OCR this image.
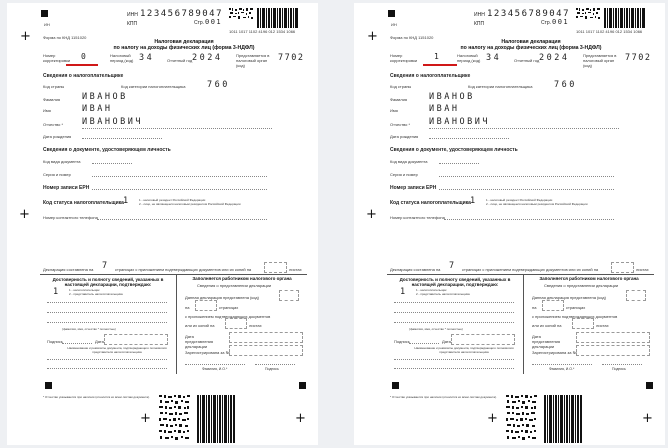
ИН
ИНН 123456789047
КПП	Стр. 001
1011 1017 1102 4196 012 1534 1066
+	Форма по КНД 1151020
Налоговая декларация
по налогу на доходы физических лиц (форма 3-НДФЛ)
Номер корректировки	0	Налоговый период (код) 34	Отчетный год 2024	Представляется в налоговый орган (код)
7702
Сведения о налогоплательщике
Код страны	Код категории налогоплательщика	760
Фамилия	ИВАНОВ
Имя	ИВАН
Отчество * ИВАНОВИЧ
Дата рождения
Сведения о документе, удостоверяющем личность
Код вида документа
Серия и номер
Номер записи ЕРН
Код статуса налогоплательщика 1	1 - налоговый резидент Российской Федерации
2 - лицо, не являющееся налоговым резидентом Российской Федерации
+	Номер контактного телефона
Декларация составлена на 7 страницах с приложением подтверждающих документов или их копий на	листах
Достоверность и полноту сведений, указанных в настоящей декларации, подтверждаю:
1	1 - налогоплательщик
2 - представитель налогоплательщика
(фамилия, имя, отчество * полностью)
Подпись	Дата
Наименование и реквизиты документа, подтверждающего полномочия представителя налогоплательщика
Заполняется работником налогового органа
Сведения о представлении декларации
Данная декларация представлена (код)
на	страницах
с приложением подтверждающих документов
или их копий на	листах
Дата представления декларации
Зарегистрирована за №
Фамилия, И.О.*	Подпись
* Отчество указывается при наличии (относится ко всем листам документа).
+	+
ИН
ИНН 123456789047
КПП	Стр. 001
1011 1017 1102 4196 012 1534 1066
+	Форма по КНД 1151020
Налоговая декларация
по налогу на доходы физических лиц (форма 3-НДФЛ)
Номер корректировки	1	Налоговый период (код) 34	Отчетный год 2024	Представляется в налоговый орган (код)
7702
Сведения о налогоплательщике
Код страны	Код категории налогоплательщика	760
Фамилия	ИВАНОВ
Имя	ИВАН
Отчество * ИВАНОВИЧ
Дата рождения
Сведения о документе, удостоверяющем личность
Код вида документа
Серия и номер
Номер записи ЕРН
Код статуса налогоплательщика 1	1 - налоговый резидент Российской Федерации
2 - лицо, не являющееся налоговым резидентом Российской Федерации
+	Номер контактного телефона
Декларация составлена на 7 страницах с приложением подтверждающих документов или их копий на	листах
Достоверность и полноту сведений, указанных в настоящей декларации, подтверждаю:
1	1 - налогоплательщик
2 - представитель налогоплательщика
(фамилия, имя, отчество * полностью)
Подпись	Дата
Наименование и реквизиты документа, подтверждающего полномочия представителя налогоплательщика
Заполняется работником налогового органа
Сведения о представлении декларации
Данная декларация представлена (код)
на	страницах
с приложением подтверждающих документов
или их копий на	листах
Дата представления декларации
Зарегистрирована за №
Фамилия, И.О.*	Подпись
* Отчество указывается при наличии (относится ко всем листам документа).
+	+
